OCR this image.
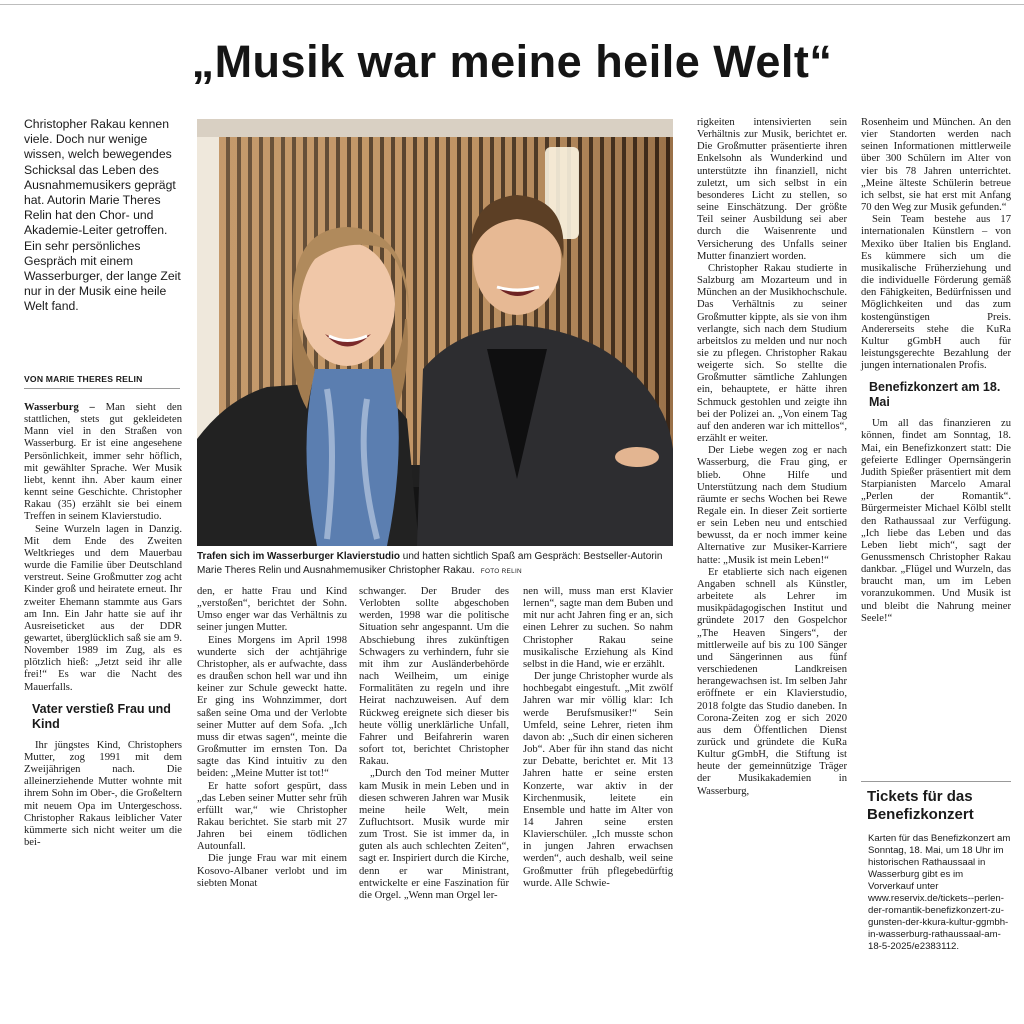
„Musik war meine heile Welt“

Christopher Rakau kennen viele. Doch nur wenige wissen, welch bewegendes Schicksal das Leben des Ausnahmemusikers geprägt hat. Autorin Marie Theres Relin hat den Chor- und Akademie-Leiter getroffen. Ein sehr persönliches Gespräch mit einem Wasserburger, der lange Zeit nur in der Musik eine heile Welt fand.

VON MARIE THERES RELIN
Trafen sich im Wasserburger Klavierstudio und hatten sichtlich Spaß am Gespräch: Bestseller-Autorin Marie Theres Relin und Ausnahmemusiker Christopher Rakau. FOTO RELIN

Wasserburg – Man sieht den stattlichen, stets gut gekleideten Mann viel in den Straßen von Wasserburg. Er ist eine angesehene Persönlichkeit, immer sehr höflich, mit gewählter Sprache. Wer Musik liebt, kennt ihn. Aber kaum einer kennt seine Geschichte. Christopher Rakau (35) erzählt sie bei einem Treffen in seinem Klavierstudio.

Seine Wurzeln lagen in Danzig. Mit dem Ende des Zweiten Weltkrieges und dem Mauerbau wurde die Familie über Deutschland verstreut. Seine Großmutter zog acht Kinder groß und heiratete erneut. Ihr zweiter Ehemann stammte aus Gars am Inn. Ein Jahr hatte sie auf ihr Ausreiseticket aus der DDR gewartet, überglücklich saß sie am 9. November 1989 im Zug, als es plötzlich hieß: „Jetzt seid ihr alle frei!“ Es war die Nacht des Mauerfalls.

Vater verstieß Frau und Kind

Ihr jüngstes Kind, Christophers Mutter, zog 1991 mit dem Zweijährigen nach. Die alleinerziehende Mutter wohnte mit ihrem Sohn im Ober-, die Großeltern mit neuem Opa im Untergeschoss. Christopher Rakaus leiblicher Vater kümmerte sich nicht weiter um die bei-

den, er hatte Frau und Kind „verstoßen“, berichtet der Sohn. Umso enger war das Verhältnis zu seiner jungen Mutter.

Eines Morgens im April 1998 wunderte sich der achtjährige Christopher, als er aufwachte, dass es draußen schon hell war und ihn keiner zur Schule geweckt hatte. Er ging ins Wohnzimmer, dort saßen seine Oma und der Verlobte seiner Mutter auf dem Sofa. „Ich muss dir etwas sagen“, meinte die Großmutter im ernsten Ton. Da sagte das Kind intuitiv zu den beiden: „Meine Mutter ist tot!“

Er hatte sofort gespürt, dass „das Leben seiner Mutter sehr früh erfüllt war,“ wie Christopher Rakau berichtet. Sie starb mit 27 Jahren bei einem tödlichen Autounfall.

Die junge Frau war mit einem Kosovo-Albaner verlobt und im siebten Monat

schwanger. Der Bruder des Verlobten sollte abgeschoben werden, 1998 war die politische Situation sehr angespannt. Um die Abschiebung ihres zukünftigen Schwagers zu verhindern, fuhr sie mit ihm zur Ausländerbehörde nach Weilheim, um einige Formalitäten zu regeln und ihre Heirat nachzuweisen. Auf dem Rückweg ereignete sich dieser bis heute völlig unerklärliche Unfall, Fahrer und Beifahrerin waren sofort tot, berichtet Christopher Rakau.

„Durch den Tod meiner Mutter kam Musik in mein Leben und in diesen schweren Jahren war Musik meine heile Welt, mein Zufluchtsort. Musik wurde mir zum Trost. Sie ist immer da, in guten als auch schlechten Zeiten“, sagt er. Inspiriert durch die Kirche, denn er war Ministrant, entwickelte er eine Faszination für die Orgel. „Wenn man Orgel ler-

nen will, muss man erst Klavier lernen“, sagte man dem Buben und mit nur acht Jahren fing er an, sich einen Lehrer zu suchen. So nahm Christopher Rakau seine musikalische Erziehung als Kind selbst in die Hand, wie er erzählt.

Der junge Christopher wurde als hochbegabt eingestuft. „Mit zwölf Jahren war mir völlig klar: Ich werde Berufsmusiker!“ Sein Umfeld, seine Lehrer, rieten ihm davon ab: „Such dir einen sicheren Job“. Aber für ihn stand das nicht zur Debatte, berichtet er. Mit 13 Jahren hatte er seine ersten Konzerte, war aktiv in der Kirchenmusik, leitete ein Ensemble und hatte im Alter von 14 Jahren seine ersten Klavierschüler. „Ich musste schon in jungen Jahren erwachsen werden“, auch deshalb, weil seine Großmutter früh pflegebedürftig wurde. Alle Schwie-

rigkeiten intensivierten sein Verhältnis zur Musik, berichtet er. Die Großmutter präsentierte ihren Enkelsohn als Wunderkind und unterstützte ihn finanziell, nicht zuletzt, um sich selbst in ein besonderes Licht zu stellen, so seine Einschätzung. Der größte Teil seiner Ausbildung sei aber durch die Waisenrente und Versicherung des Unfalls seiner Mutter finanziert worden.

Christopher Rakau studierte in Salzburg am Mozarteum und in München an der Musikhochschule. Das Verhältnis zu seiner Großmutter kippte, als sie von ihm verlangte, sich nach dem Studium arbeitslos zu melden und nur noch sie zu pflegen. Christopher Rakau weigerte sich. So stellte die Großmutter sämtliche Zahlungen ein, behauptete, er hätte ihren Schmuck gestohlen und zeigte ihn bei der Polizei an. „Von einem Tag auf den anderen war ich mittellos“, erzählt er weiter.

Der Liebe wegen zog er nach Wasserburg, die Frau ging, er blieb. Ohne Hilfe und Unterstützung nach dem Studium räumte er sechs Wochen bei Rewe Regale ein. In dieser Zeit sortierte er sein Leben neu und entschied bewusst, da er noch immer keine Alternative zur Musiker-Karriere hatte: „Musik ist mein Leben!“

Er etablierte sich nach eigenen Angaben schnell als Künstler, arbeitete als Lehrer im musikpädagogischen Institut und gründete 2017 den Gospelchor „The Heaven Singers“, der mittlerweile auf bis zu 100 Sänger und Sängerinnen aus fünf verschiedenen Landkreisen herangewachsen ist. Im selben Jahr eröffnete er ein Klavierstudio, 2018 folgte das Studio daneben. In Corona-Zeiten zog er sich 2020 aus dem Öffentlichen Dienst zurück und gründete die KuRa Kultur gGmbH, die Stiftung ist heute der gemeinnützige Träger der Musikakademien in Wasserburg,

Rosenheim und München. An den vier Standorten werden nach seinen Informationen mittlerweile über 300 Schülern im Alter von vier bis 78 Jahren unterrichtet. „Meine älteste Schülerin betreue ich selbst, sie hat erst mit Anfang 70 den Weg zur Musik gefunden.“

Sein Team bestehe aus 17 internationalen Künstlern – von Mexiko über Italien bis England. Es kümmere sich um die musikalische Früherziehung und die individuelle Förderung gemäß den Fähigkeiten, Bedürfnissen und Möglichkeiten und das zum kostengünstigen Preis. Andererseits stehe die KuRa Kultur gGmbH auch für leistungsgerechte Bezahlung der jungen internationalen Profis.

Benefizkonzert am 18. Mai

Um all das finanzieren zu können, findet am Sonntag, 18. Mai, ein Benefizkonzert statt: Die gefeierte Edlinger Opernsängerin Judith Spießer präsentiert mit dem Starpianisten Marcelo Amaral „Perlen der Romantik“. Bürgermeister Michael Kölbl stellt den Rathaussaal zur Verfügung. „Ich liebe das Leben und das Leben liebt mich“, sagt der Genussmensch Christopher Rakau dankbar. „Flügel und Wurzeln, das braucht man, um im Leben voranzukommen. Und Musik ist und bleibt die Nahrung meiner Seele!“

Tickets für das Benefizkonzert

Karten für das Benefizkonzert am Sonntag, 18. Mai, um 18 Uhr im historischen Rathaussaal in Wasserburg gibt es im Vorverkauf unter www.reservix.de/tickets--perlen-der-romantik-benefizkonzert-zu-gunsten-der-kkura-kultur-ggmbh-in-wasserburg-rathaussaal-am-18-5-2025/e2383112.
